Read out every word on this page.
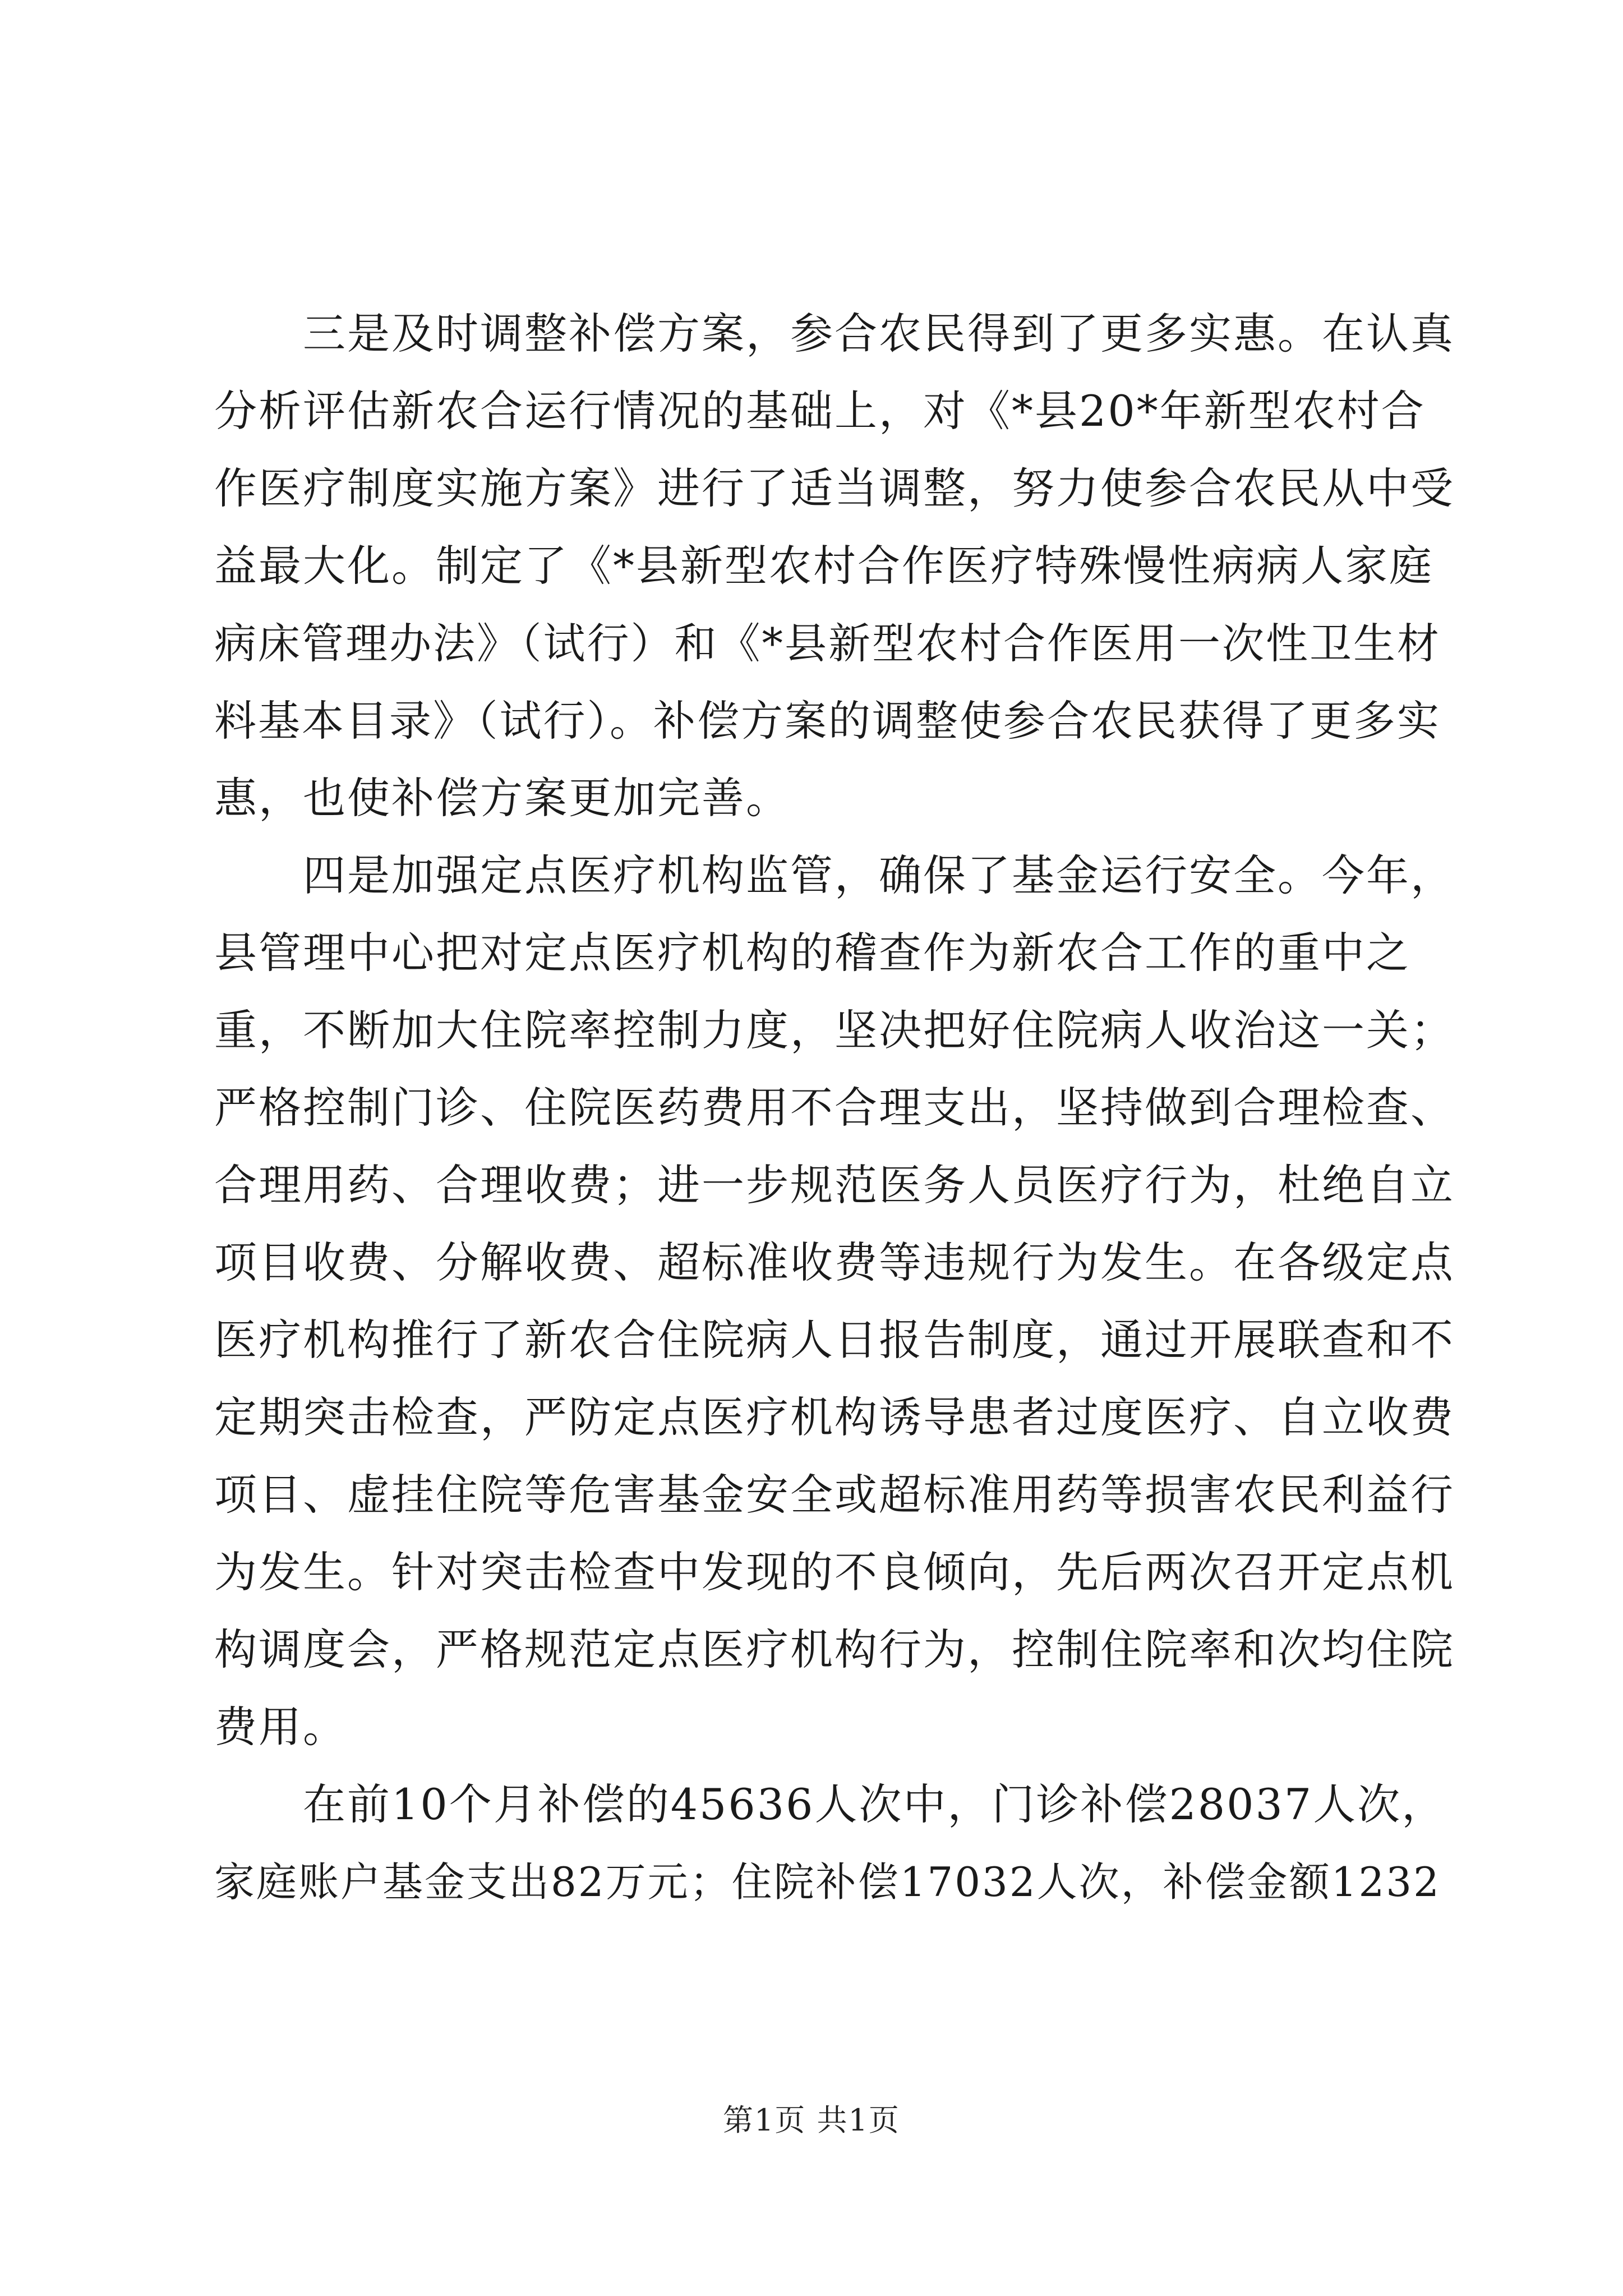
三是及时调整补偿方案，参合农民得到了更多实惠。在认真
分析评估新农合运行情况的基础上，对《*县20*年新型农村合
作医疗制度实施方案》进行了适当调整，努力使参合农民从中受
益最大化。制定了《*县新型农村合作医疗特殊慢性病病人家庭
病床管理办法》（试行）和《*县新型农村合作医用一次性卫生材
料基本目录》（试行）。补偿方案的调整使参合农民获得了更多实
惠，也使补偿方案更加完善。
四是加强定点医疗机构监管，确保了基金运行安全。今年，
县管理中心把对定点医疗机构的稽查作为新农合工作的重中之
重，不断加大住院率控制力度，坚决把好住院病人收治这一关；
严格控制门诊、住院医药费用不合理支出，坚持做到合理检查、
合理用药、合理收费；进一步规范医务人员医疗行为，杜绝自立
项目收费、分解收费、超标准收费等违规行为发生。在各级定点
医疗机构推行了新农合住院病人日报告制度，通过开展联查和不
定期突击检查，严防定点医疗机构诱导患者过度医疗、自立收费
项目、虚挂住院等危害基金安全或超标准用药等损害农民利益行
为发生。针对突击检查中发现的不良倾向，先后两次召开定点机
构调度会，严格规范定点医疗机构行为，控制住院率和次均住院
费用。
在前10个月补偿的45636人次中，门诊补偿28037人次，
家庭账户基金支出82万元；住院补偿17032人次，补偿金额1232
第1页 共1页
